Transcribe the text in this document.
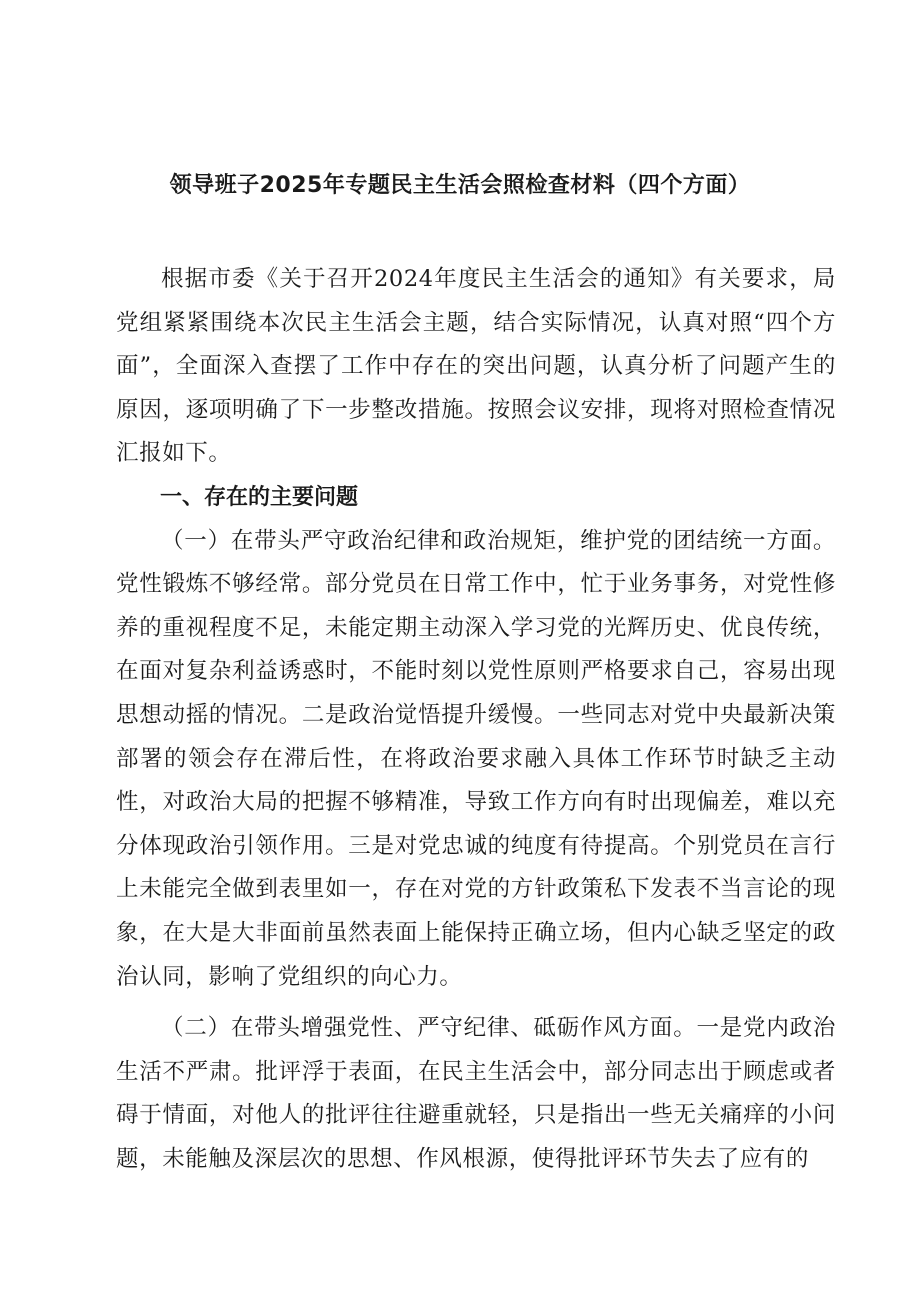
领导班子2025年专题民主生活会照检查材料（四个方面）

根据市委《关于召开2024年度民主生活会的通知》有关要求，局党组紧紧围绕本次民主生活会主题，结合实际情况，认真对照“四个方面”，全面深入查摆了工作中存在的突出问题，认真分析了问题产生的原因，逐项明确了下一步整改措施。按照会议安排，现将对照检查情况汇报如下。

一、存在的主要问题

（一）在带头严守政治纪律和政治规矩，维护党的团结统一方面。党性锻炼不够经常。部分党员在日常工作中，忙于业务事务，对党性修养的重视程度不足，未能定期主动深入学习党的光辉历史、优良传统，在面对复杂利益诱惑时，不能时刻以党性原则严格要求自己，容易出现思想动摇的情况。二是政治觉悟提升缓慢。一些同志对党中央最新决策部署的领会存在滞后性，在将政治要求融入具体工作环节时缺乏主动性，对政治大局的把握不够精准，导致工作方向有时出现偏差，难以充分体现政治引领作用。三是对党忠诚的纯度有待提高。个别党员在言行上未能完全做到表里如一，存在对党的方针政策私下发表不当言论的现象，在大是大非面前虽然表面上能保持正确立场，但内心缺乏坚定的政治认同，影响了党组织的向心力。

（二）在带头增强党性、严守纪律、砥砺作风方面。一是党内政治生活不严肃。批评浮于表面，在民主生活会中，部分同志出于顾虑或者碍于情面，对他人的批评往往避重就轻，只是指出一些无关痛痒的小问题，未能触及深层次的思想、作风根源，使得批评环节失去了应有的
